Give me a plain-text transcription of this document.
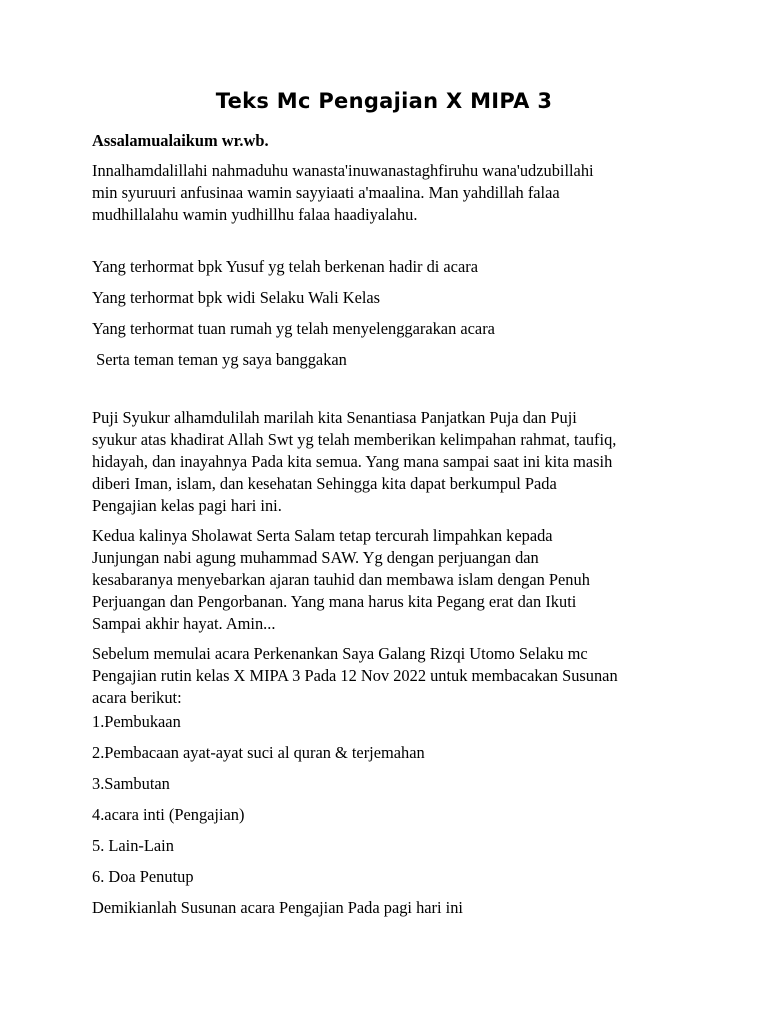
Teks Mc Pengajian X MIPA 3

Assalamualaikum wr.wb.

Innalhamdalillahi nahmaduhu wanasta'inuwanastaghfiruhu wana'udzubillahi

min syuruuri anfusinaa wamin sayyiaati a'maalina. Man yahdillah falaa

mudhillalahu wamin yudhillhu falaa haadiyalahu.

Yang terhormat bpk Yusuf yg telah berkenan hadir di acara

Yang terhormat bpk widi Selaku Wali Kelas

Yang terhormat tuan rumah yg telah menyelenggarakan acara

Serta teman teman yg saya banggakan

Puji Syukur alhamdulilah marilah kita Senantiasa Panjatkan Puja dan Puji

syukur atas khadirat Allah Swt yg telah memberikan kelimpahan rahmat, taufiq,

hidayah, dan inayahnya Pada kita semua. Yang mana sampai saat ini kita masih

diberi Iman, islam, dan kesehatan Sehingga kita dapat berkumpul Pada

Pengajian kelas pagi hari ini.

Kedua kalinya Sholawat Serta Salam tetap tercurah limpahkan kepada

Junjungan nabi agung muhammad SAW. Yg dengan perjuangan dan

kesabaranya menyebarkan ajaran tauhid dan membawa islam dengan Penuh

Perjuangan dan Pengorbanan. Yang mana harus kita Pegang erat dan Ikuti

Sampai akhir hayat. Amin...

Sebelum memulai acara Perkenankan Saya Galang Rizqi Utomo Selaku mc

Pengajian rutin kelas X MIPA 3 Pada 12 Nov 2022 untuk membacakan Susunan

acara berikut:

1.Pembukaan

2.Pembacaan ayat-ayat suci al quran & terjemahan

3.Sambutan

4.acara inti (Pengajian)

5. Lain-Lain

6. Doa Penutup

Demikianlah Susunan acara Pengajian Pada pagi hari ini
